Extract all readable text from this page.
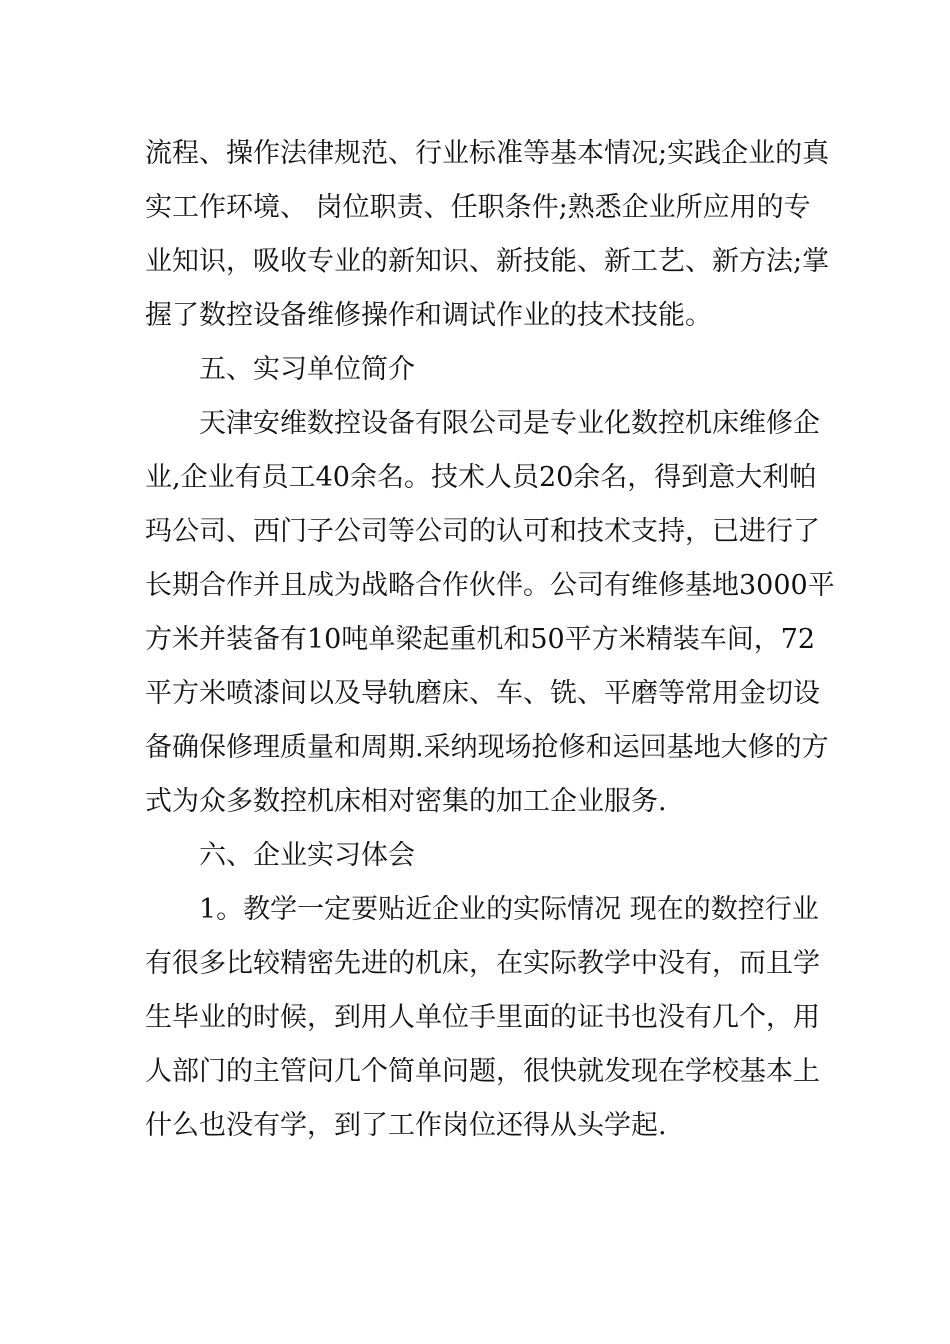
流程、操作法律规范、行业标准等基本情况;实践企业的真
实工作环境、 岗位职责、任职条件;熟悉企业所应用的专
业知识，吸收专业的新知识、新技能、新工艺、新方法;掌
握了数控设备维修操作和调试作业的技术技能。
五、实习单位简介
天津安维数控设备有限公司是专业化数控机床维修企
业,企业有员工40余名。技术人员20余名，得到意大利帕
玛公司、西门子公司等公司的认可和技术支持，已进行了
长期合作并且成为战略合作伙伴。公司有维修基地3000平
方米并装备有10吨单梁起重机和50平方米精装车间，72
平方米喷漆间以及导轨磨床、车、铣、平磨等常用金切设
备确保修理质量和周期.采纳现场抢修和运回基地大修的方
式为众多数控机床相对密集的加工企业服务.
六、企业实习体会
1。教学一定要贴近企业的实际情况 现在的数控行业
有很多比较精密先进的机床，在实际教学中没有，而且学
生毕业的时候，到用人单位手里面的证书也没有几个，用
人部门的主管问几个简单问题，很快就发现在学校基本上
什么也没有学，到了工作岗位还得从头学起.
